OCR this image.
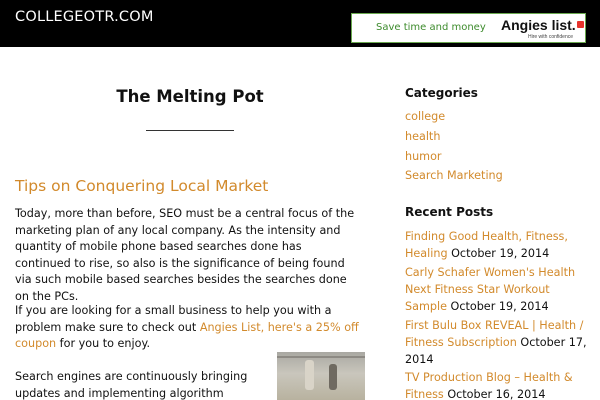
COLLEGEOTR.COM
Save time and money Angies list.
Hire with confidence
The Melting Pot
Tips on Conquering Local Market

Today, more than before, SEO must be a central focus of the marketing plan of any local company. As the intensity and quantity of mobile phone based searches done has continued to rise, so also is the significance of being found via such mobile based searches besides the searches done on the PCs.

If you are looking for a small business to help you with a problem make sure to check out Angies List, here's a 25% off coupon for you to enjoy.

Search engines are continuously bringing updates and implementing algorithm

Categories
college
health
humor
Search Marketing
Recent Posts
Finding Good Health, Fitness, Healing October 19, 2014
Carly Schafer Women's Health Next Fitness Star Workout Sample October 19, 2014
First Bulu Box REVEAL | Health / Fitness Subscription October 17, 2014
TV Production Blog – Health & Fitness October 16, 2014
